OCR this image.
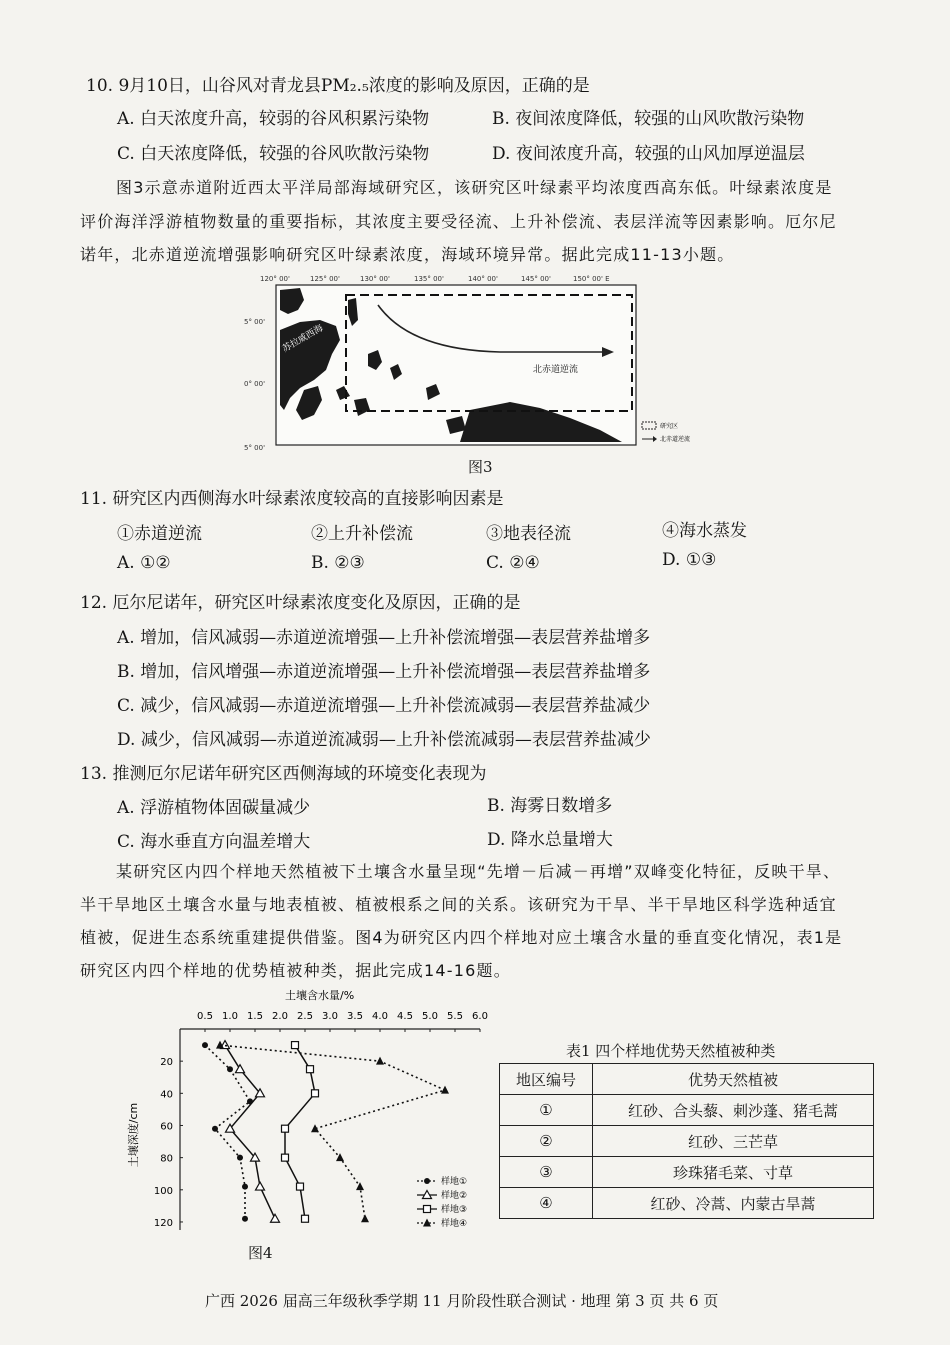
10. 9月10日，山谷风对青龙县PM₂.₅浓度的影响及原因，正确的是
A. 白天浓度升高，较弱的谷风积累污染物	B. 夜间浓度降低，较强的山风吹散污染物
C. 白天浓度降低，较强的谷风吹散污染物	D. 夜间浓度升高，较强的山风加厚逆温层
图3示意赤道附近西太平洋局部海域研究区，该研究区叶绿素平均浓度西高东低。叶绿素浓度是
评价海洋浮游植物数量的重要指标，其浓度主要受径流、上升补偿流、表层洋流等因素影响。厄尔尼
诺年，北赤道逆流增强影响研究区叶绿素浓度，海域环境异常。据此完成11-13小题。
120° 00'	125° 00'	130° 00'	135° 00'	140° 00'	145° 00'	150° 00' E
5° 00'
0° 00'
5° 00'
苏拉威西海
北赤道逆流
研究区
北赤道逆流
图3
11. 研究区内西侧海水叶绿素浓度较高的直接影响因素是
①赤道逆流	②上升补偿流	③地表径流	④海水蒸发
A. ①②	B. ②③	C. ②④	D. ①③
12. 厄尔尼诺年，研究区叶绿素浓度变化及原因，正确的是
A. 增加，信风减弱—赤道逆流增强—上升补偿流增强—表层营养盐增多
B. 增加，信风增强—赤道逆流增强—上升补偿流增强—表层营养盐增多
C. 减少，信风减弱—赤道逆流增强—上升补偿流减弱—表层营养盐减少
D. 减少，信风减弱—赤道逆流减弱—上升补偿流减弱—表层营养盐减少
13. 推测厄尔尼诺年研究区西侧海域的环境变化表现为
A. 浮游植物体固碳量减少	B. 海雾日数增多
C. 海水垂直方向温差增大	D. 降水总量增大
某研究区内四个样地天然植被下土壤含水量呈现“先增－后减－再增”双峰变化特征，反映干旱、
半干旱地区土壤含水量与地表植被、植被根系之间的关系。该研究为干旱、半干旱地区科学选种适宜
植被，促进生态系统重建提供借鉴。图4为研究区内四个样地对应土壤含水量的垂直变化情况，表1是
研究区内四个样地的优势植被种类，据此完成14-16题。
土壤含水量/%
0.5 1.0 1.5 2.0 2.5 3.0 3.5 4.0 4.5 5.0 5.5 6.0
20
40
60
80
100
120
土壤深度/cm
样地①
样地②
样地③
样地④
图4
表1 四个样地优势天然植被种类
地区编号	优势天然植被
①	红砂、合头藜、刺沙蓬、猪毛蒿
②	红砂、三芒草
③	珍珠猪毛菜、寸草
④	红砂、冷蒿、内蒙古旱蒿
广西 2026 届高三年级秋季学期 11 月阶段性联合测试 · 地理 第 3 页 共 6 页
